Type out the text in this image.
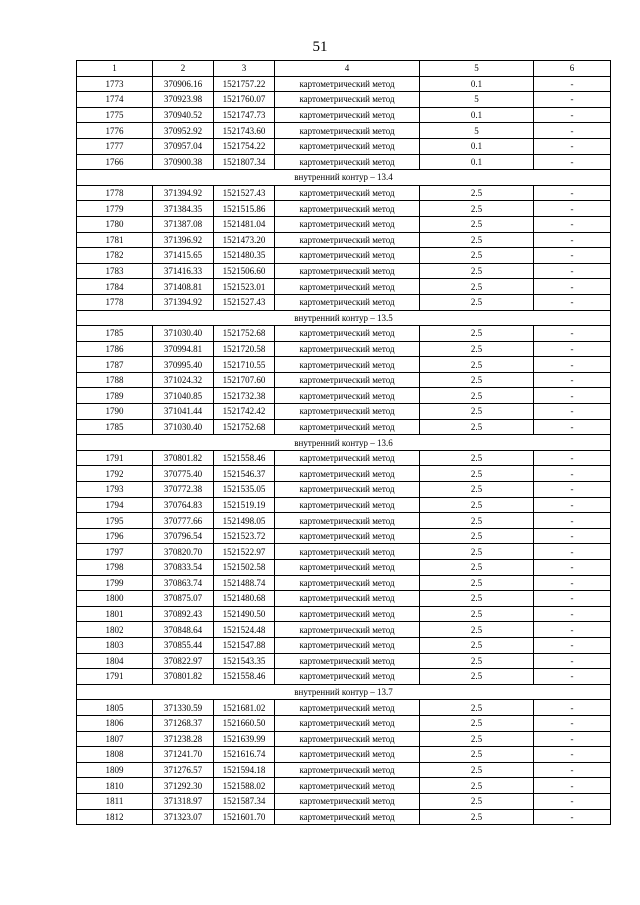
51
1	2	3	4	5	6
1773	370906.16	1521757.22	картометрический метод	0.1	-
1774	370923.98	1521760.07	картометрический метод	5	-
1775	370940.52	1521747.73	картометрический метод	0.1	-
1776	370952.92	1521743.60	картометрический метод	5	-
1777	370957.04	1521754.22	картометрический метод	0.1	-
1766	370900.38	1521807.34	картометрический метод	0.1	-
внутренний контур – 13.4					
1778	371394.92	1521527.43	картометрический метод	2.5	-
1779	371384.35	1521515.86	картометрический метод	2.5	-
1780	371387.08	1521481.04	картометрический метод	2.5	-
1781	371396.92	1521473.20	картометрический метод	2.5	-
1782	371415.65	1521480.35	картометрический метод	2.5	-
1783	371416.33	1521506.60	картометрический метод	2.5	-
1784	371408.81	1521523.01	картометрический метод	2.5	-
1778	371394.92	1521527.43	картометрический метод	2.5	-
внутренний контур – 13.5					
1785	371030.40	1521752.68	картометрический метод	2.5	-
1786	370994.81	1521720.58	картометрический метод	2.5	-
1787	370995.40	1521710.55	картометрический метод	2.5	-
1788	371024.32	1521707.60	картометрический метод	2.5	-
1789	371040.85	1521732.38	картометрический метод	2.5	-
1790	371041.44	1521742.42	картометрический метод	2.5	-
1785	371030.40	1521752.68	картометрический метод	2.5	-
внутренний контур – 13.6					
1791	370801.82	1521558.46	картометрический метод	2.5	-
1792	370775.40	1521546.37	картометрический метод	2.5	-
1793	370772.38	1521535.05	картометрический метод	2.5	-
1794	370764.83	1521519.19	картометрический метод	2.5	-
1795	370777.66	1521498.05	картометрический метод	2.5	-
1796	370796.54	1521523.72	картометрический метод	2.5	-
1797	370820.70	1521522.97	картометрический метод	2.5	-
1798	370833.54	1521502.58	картометрический метод	2.5	-
1799	370863.74	1521488.74	картометрический метод	2.5	-
1800	370875.07	1521480.68	картометрический метод	2.5	-
1801	370892.43	1521490.50	картометрический метод	2.5	-
1802	370848.64	1521524.48	картометрический метод	2.5	-
1803	370855.44	1521547.88	картометрический метод	2.5	-
1804	370822.97	1521543.35	картометрический метод	2.5	-
1791	370801.82	1521558.46	картометрический метод	2.5	-
внутренний контур – 13.7					
1805	371330.59	1521681.02	картометрический метод	2.5	-
1806	371268.37	1521660.50	картометрический метод	2.5	-
1807	371238.28	1521639.99	картометрический метод	2.5	-
1808	371241.70	1521616.74	картометрический метод	2.5	-
1809	371276.57	1521594.18	картометрический метод	2.5	-
1810	371292.30	1521588.02	картометрический метод	2.5	-
1811	371318.97	1521587.34	картометрический метод	2.5	-
1812	371323.07	1521601.70	картометрический метод	2.5	-
